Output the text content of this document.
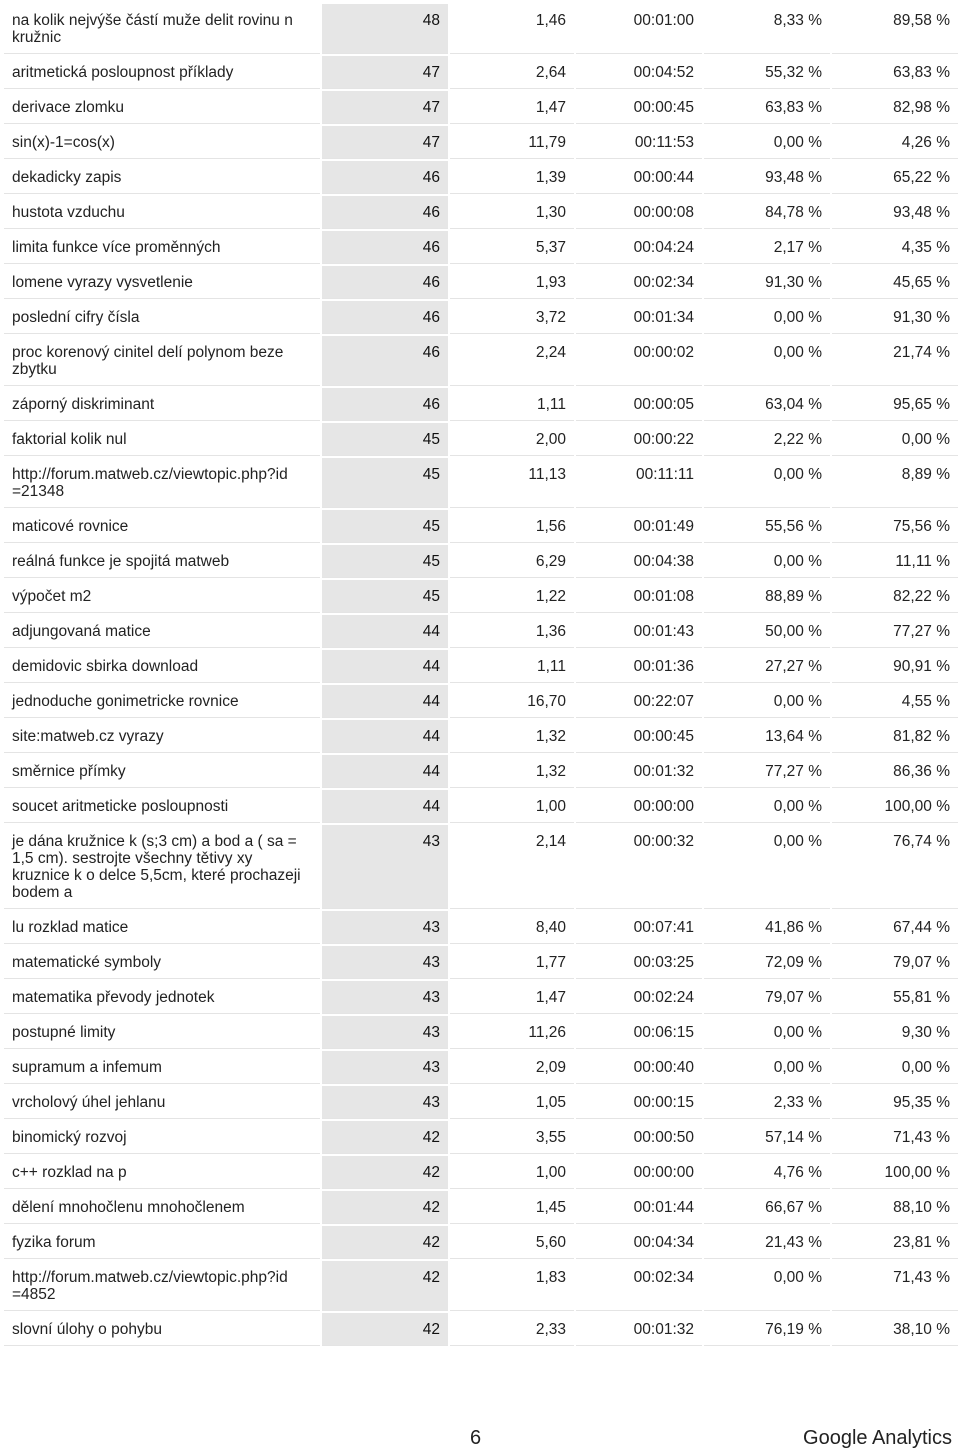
na kolik nejvýše částí muže delit rovinu n kružnic	48	1,46	00:01:00	8,33 %	89,58 %
aritmetická posloupnost příklady	47	2,64	00:04:52	55,32 %	63,83 %
derivace zlomku	47	1,47	00:00:45	63,83 %	82,98 %
sin(x)-1=cos(x)	47	11,79	00:11:53	0,00 %	4,26 %
dekadicky zapis	46	1,39	00:00:44	93,48 %	65,22 %
hustota vzduchu	46	1,30	00:00:08	84,78 %	93,48 %
limita funkce více proměnných	46	5,37	00:04:24	2,17 %	4,35 %
lomene vyrazy vysvetlenie	46	1,93	00:02:34	91,30 %	45,65 %
poslední cifry čísla	46	3,72	00:01:34	0,00 %	91,30 %
proc korenový cinitel delí polynom beze zbytku	46	2,24	00:00:02	0,00 %	21,74 %
záporný diskriminant	46	1,11	00:00:05	63,04 %	95,65 %
faktorial kolik nul	45	2,00	00:00:22	2,22 %	0,00 %
http://forum.matweb.cz/viewtopic.php?id =21348	45	11,13	00:11:11	0,00 %	8,89 %
maticové rovnice	45	1,56	00:01:49	55,56 %	75,56 %
reálná funkce je spojitá matweb	45	6,29	00:04:38	0,00 %	11,11 %
výpočet m2	45	1,22	00:01:08	88,89 %	82,22 %
adjungovaná matice	44	1,36	00:01:43	50,00 %	77,27 %
demidovic sbirka download	44	1,11	00:01:36	27,27 %	90,91 %
jednoduche gonimetricke rovnice	44	16,70	00:22:07	0,00 %	4,55 %
site:matweb.cz vyrazy	44	1,32	00:00:45	13,64 %	81,82 %
směrnice přímky	44	1,32	00:01:32	77,27 %	86,36 %
soucet aritmeticke posloupnosti	44	1,00	00:00:00	0,00 %	100,00 %
je dána kružnice k (s;3 cm) a bod a ( sa = 1,5 cm). sestrojte všechny tětivy xy kruznice k o delce 5,5cm, které prochazeji bodem a	43	2,14	00:00:32	0,00 %	76,74 %
lu rozklad matice	43	8,40	00:07:41	41,86 %	67,44 %
matematické symboly	43	1,77	00:03:25	72,09 %	79,07 %
matematika převody jednotek	43	1,47	00:02:24	79,07 %	55,81 %
postupné limity	43	11,26	00:06:15	0,00 %	9,30 %
supramum a infemum	43	2,09	00:00:40	0,00 %	0,00 %
vrcholový úhel jehlanu	43	1,05	00:00:15	2,33 %	95,35 %
binomický rozvoj	42	3,55	00:00:50	57,14 %	71,43 %
c++ rozklad na p	42	1,00	00:00:00	4,76 %	100,00 %
dělení mnohočlenu mnohočlenem	42	1,45	00:01:44	66,67 %	88,10 %
fyzika forum	42	5,60	00:04:34	21,43 %	23,81 %
http://forum.matweb.cz/viewtopic.php?id =4852	42	1,83	00:02:34	0,00 %	71,43 %
slovní úlohy o pohybu	42	2,33	00:01:32	76,19 %	38,10 %
6	Google Analytics
